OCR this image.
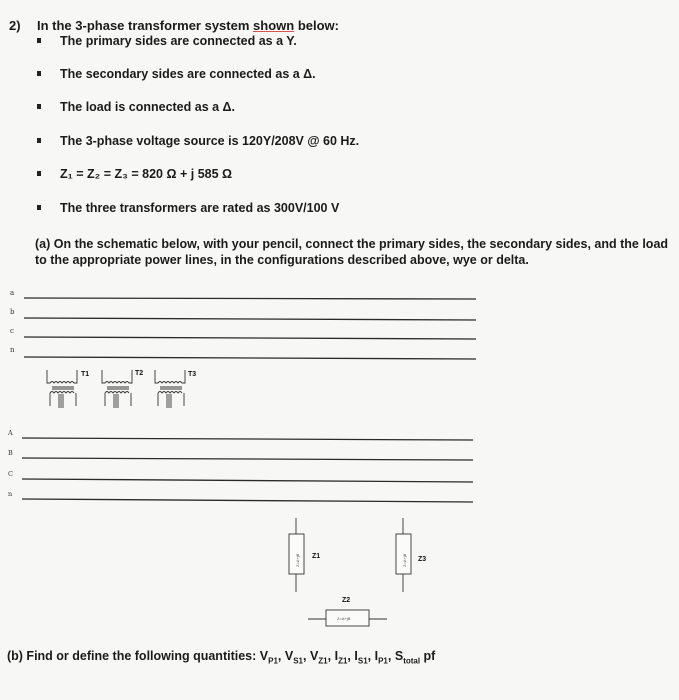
2) In the 3-phase transformer system shown below:
The primary sides are connected as a Y.
The secondary sides are connected as a Δ.
The load is connected as a Δ.
The 3-phase voltage source is 120Y/208V @ 60 Hz.
Z₁ = Z₂ = Z₃ = 820 Ω + j 585 Ω
The three transformers are rated as 300V/100 V
(a) On the schematic below, with your pencil, connect the primary sides, the secondary sides, and the load to the appropriate power lines, in the configurations described above, wye or delta.
a
b
c
n
T1	T2	T3
A
B
C
n
Z1
Z2
Z3
Z=A+jB
Z=A+jB
Z=A+jB
(b) Find or define the following quantities: $V_{P1}$, $V_{S1}$, $V_{Z1}$, $I_{Z1}$, $I_{S1}$, $I_{P1}$, $S_{total}$ pf
